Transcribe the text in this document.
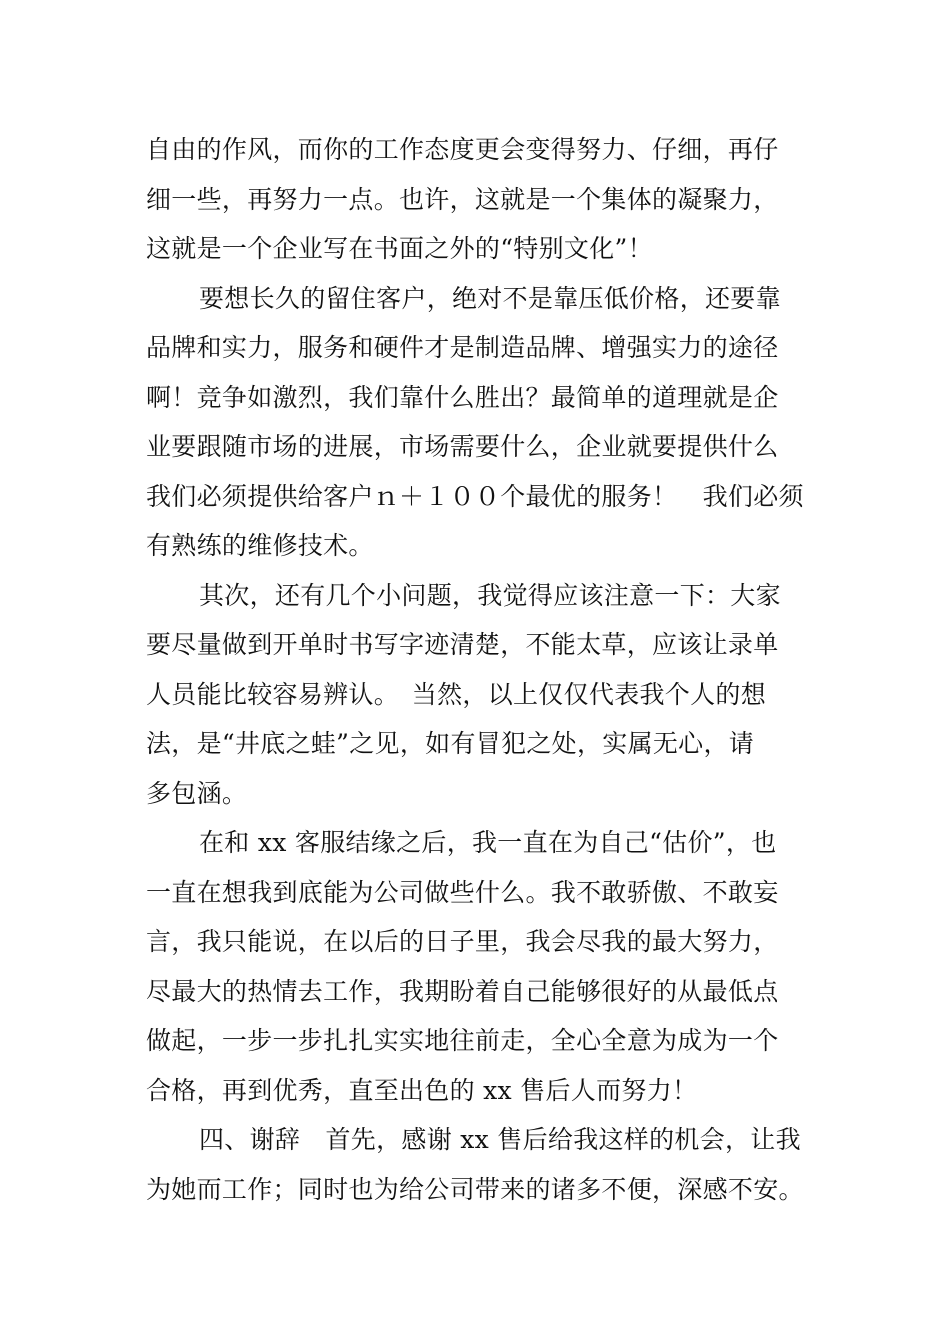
自由的作风，而你的工作态度更会变得努力、仔细，再仔
细一些，再努力一点。也许，这就是一个集体的凝聚力，
这就是一个企业写在书面之外的“特别文化”！
要想长久的留住客户，绝对不是靠压低价格，还要靠
品牌和实力，服务和硬件才是制造品牌、增强实力的途径
啊！竞争如激烈，我们靠什么胜出？最简单的道理就是企
业要跟随市场的进展，市场需要什么，企业就要提供什么
我们必须提供给客户ｎ＋１００个最优的服务！　我们必须
有熟练的维修技术。
其次，还有几个小问题，我觉得应该注意一下：大家
要尽量做到开单时书写字迹清楚，不能太草，应该让录单
人员能比较容易辨认。　当然，以上仅仅代表我个人的想
法，是“井底之蛙”之见，如有冒犯之处，实属无心，请
多包涵。
在和 xx 客服结缘之后，我一直在为自己“估价”，也
一直在想我到底能为公司做些什么。我不敢骄傲、不敢妄
言，我只能说，在以后的日子里，我会尽我的最大努力，
尽最大的热情去工作，我期盼着自己能够很好的从最低点
做起，一步一步扎扎实实地往前走，全心全意为成为一个
合格，再到优秀，直至出色的 xx 售后人而努力！
四、谢辞　首先，感谢 xx 售后给我这样的机会，让我
为她而工作；同时也为给公司带来的诸多不便，深感不安。
